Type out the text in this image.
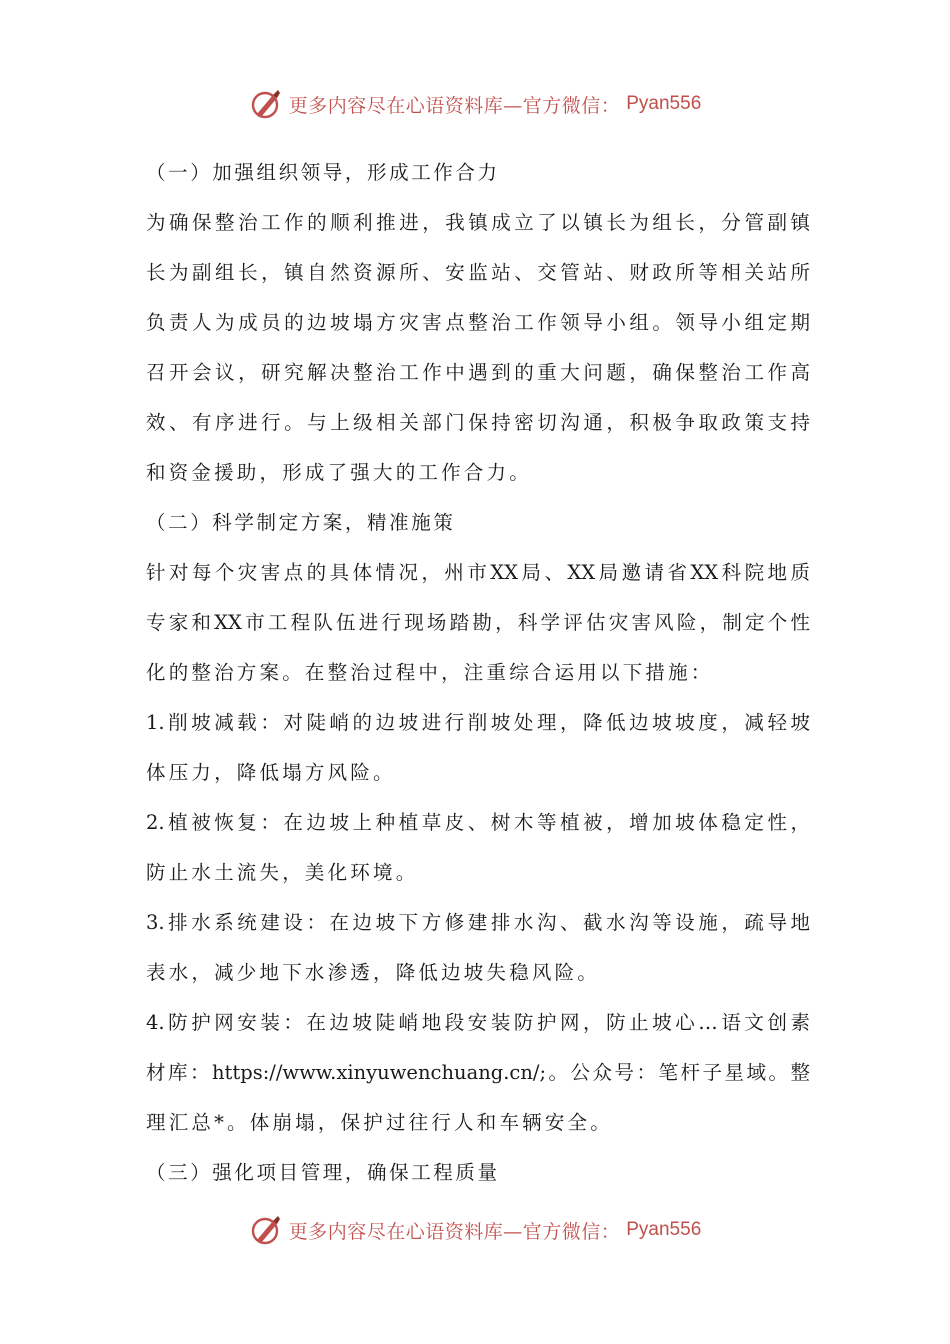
更多内容尽在心语资料库—官方微信： Pyan556
（一）加强组织领导，形成工作合力
为确保整治工作的顺利推进，我镇成立了以镇长为组长，分管副镇
长为副组长，镇自然资源所、安监站、交管站、财政所等相关站所
负责人为成员的边坡塌方灾害点整治工作领导小组。领导小组定期
召开会议，研究解决整治工作中遇到的重大问题，确保整治工作高
效、有序进行。与上级相关部门保持密切沟通，积极争取政策支持
和资金援助，形成了强大的工作合力。
（二）科学制定方案，精准施策
针对每个灾害点的具体情况，州市XX局、XX局邀请省XX科院地质
专家和XX市工程队伍进行现场踏勘，科学评估灾害风险，制定个性
化的整治方案。在整治过程中，注重综合运用以下措施：
1.削坡减载：对陡峭的边坡进行削坡处理，降低边坡坡度，减轻坡
体压力，降低塌方风险。
2.植被恢复：在边坡上种植草皮、树木等植被，增加坡体稳定性，
防止水土流失，美化环境。
3.排水系统建设：在边坡下方修建排水沟、截水沟等设施，疏导地
表水，减少地下水渗透，降低边坡失稳风险。
4.防护网安装：在边坡陡峭地段安装防护网，防止坡心…语文创素
材库：https://www.xinyuwenchuang.cn/;。公众号：笔杆子星域。整
理汇总*。体崩塌，保护过往行人和车辆安全。
（三）强化项目管理，确保工程质量
更多内容尽在心语资料库—官方微信： Pyan556
